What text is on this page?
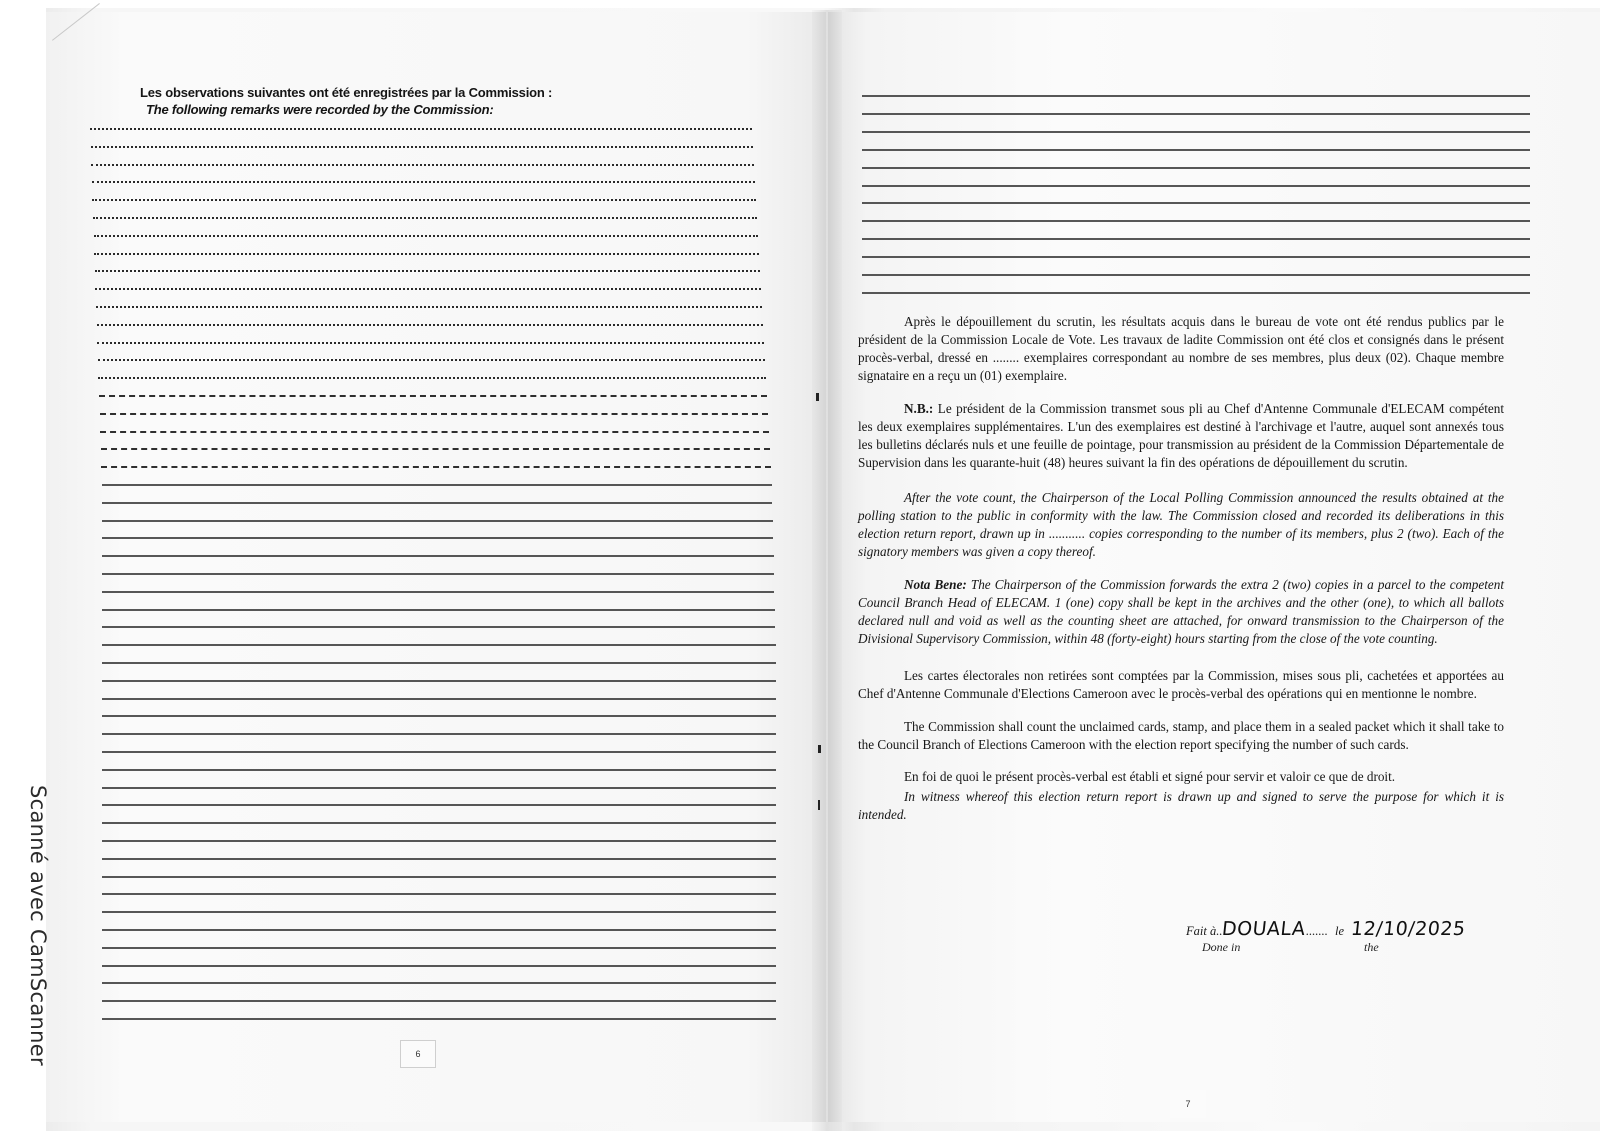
Scanné avec CamScanner
Les observations suivantes ont été enregistrées par la Commission :
The following remarks were recorded by the Commission:
6

Après le dépouillement du scrutin, les résultats acquis dans le bureau de vote ont été rendus publics par le président de la Commission Locale de Vote. Les travaux de ladite Commission ont été clos et consignés dans le présent procès-verbal, dressé en ........ exemplaires correspondant au nombre de ses membres, plus deux (02). Chaque membre signataire en a reçu un (01) exemplaire.

N.B.: Le président de la Commission transmet sous pli au Chef d'Antenne Communale d'ELECAM compétent les deux exemplaires supplémentaires. L'un des exemplaires est destiné à l'archivage et l'autre, auquel sont annexés tous les bulletins déclarés nuls et une feuille de pointage, pour transmission au président de la Commission Départementale de Supervision dans les quarante-huit (48) heures suivant la fin des opérations de dépouillement du scrutin.

After the vote count, the Chairperson of the Local Polling Commission announced the results obtained at the polling station to the public in conformity with the law. The Commission closed and recorded its deliberations in this election return report, drawn up in ........... copies corresponding to the number of its members, plus 2 (two). Each of the signatory members was given a copy thereof.

Nota Bene: The Chairperson of the Commission forwards the extra 2 (two) copies in a parcel to the competent Council Branch Head of ELECAM. 1 (one) copy shall be kept in the archives and the other (one), to which all ballots declared null and void as well as the counting sheet are attached, for onward transmission to the Chairperson of the Divisional Supervisory Commission, within 48 (forty-eight) hours starting from the close of the vote counting.

Les cartes électorales non retirées sont comptées par la Commission, mises sous pli, cachetées et apportées au Chef d'Antenne Communale d'Elections Cameroon avec le procès-verbal des opérations qui en mentionne le nombre.

The Commission shall count the unclaimed cards, stamp, and place them in a sealed packet which it shall take to the Council Branch of Elections Cameroon with the election report specifying the number of such cards.

En foi de quoi le présent procès-verbal est établi et signé pour servir et valoir ce que de droit.

In witness whereof this election return report is drawn up and signed to serve the purpose for which it is intended.

Fait à..DOUALA....... le 12/10/2025
Done in	the
7
